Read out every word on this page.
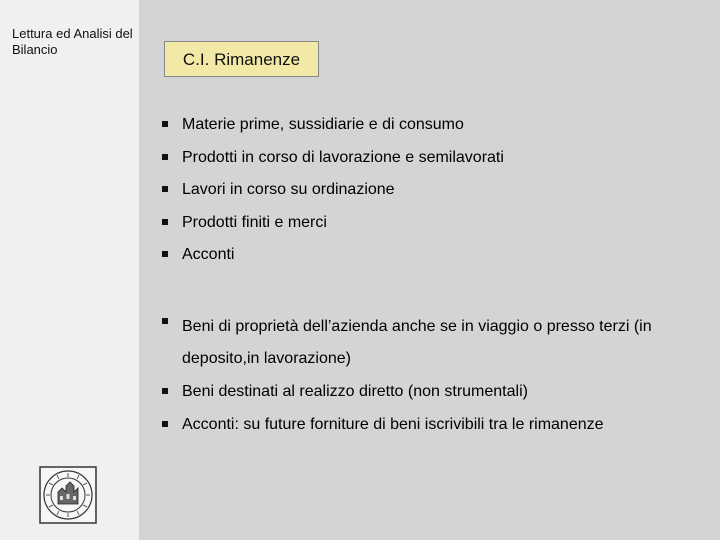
Lettura ed Analisi del Bilancio
C.I. Rimanenze
Materie prime, sussidiarie e di consumo
Prodotti in corso di lavorazione e semilavorati
Lavori in corso su ordinazione
Prodotti finiti e merci
Acconti
Beni di proprietà dell’azienda anche se in viaggio o presso terzi (in deposito,in lavorazione)
Beni destinati al realizzo diretto (non strumentali)
Acconti: su future forniture di beni iscrivibili tra le rimanenze
